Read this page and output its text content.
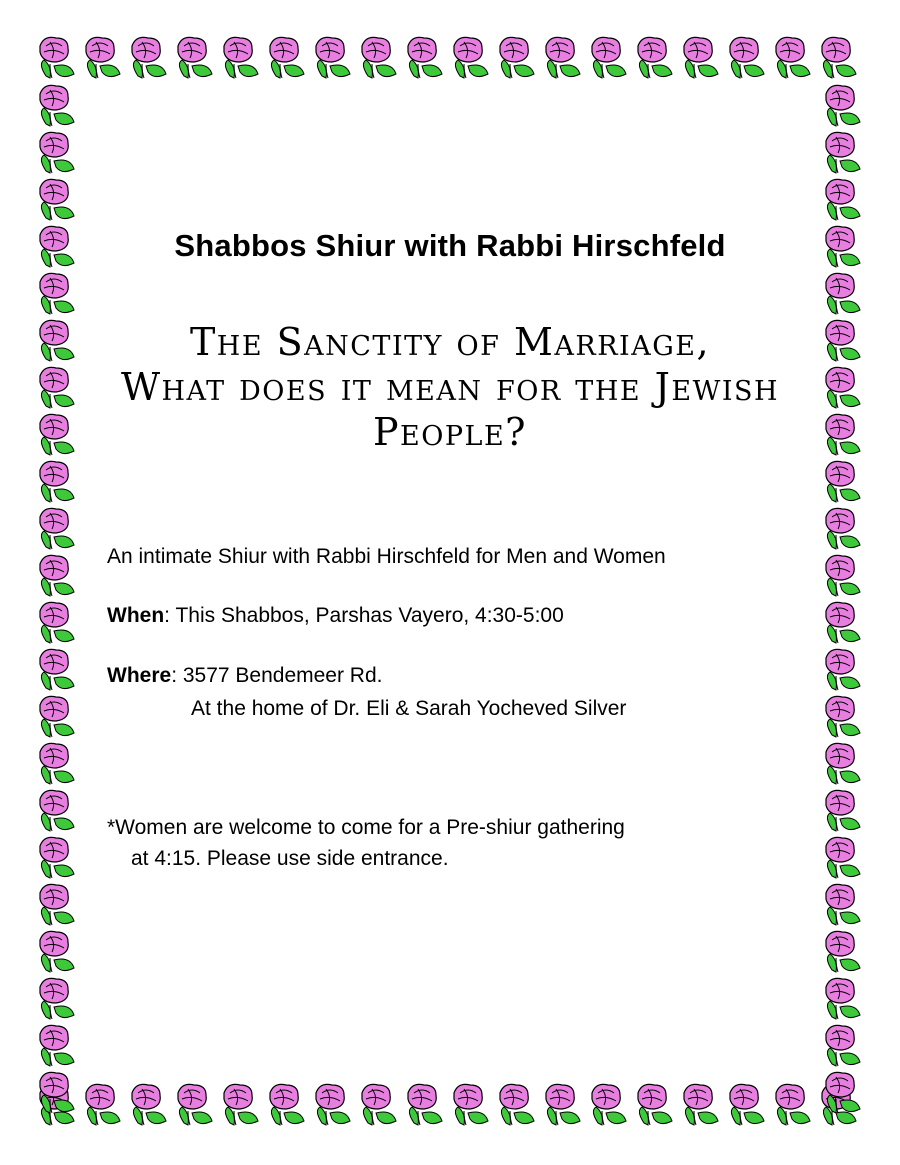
Shabbos Shiur with Rabbi Hirschfeld
The Sanctity of Marriage,
What does it mean for the Jewish
People?
An intimate Shiur with Rabbi Hirschfeld for Men and Women
When: This Shabbos, Parshas Vayero, 4:30-5:00
Where: 3577 Bendemeer Rd.
At the home of Dr. Eli & Sarah Yocheved Silver
*Women are welcome to come for a Pre-shiur gathering
at 4:15. Please use side entrance.
